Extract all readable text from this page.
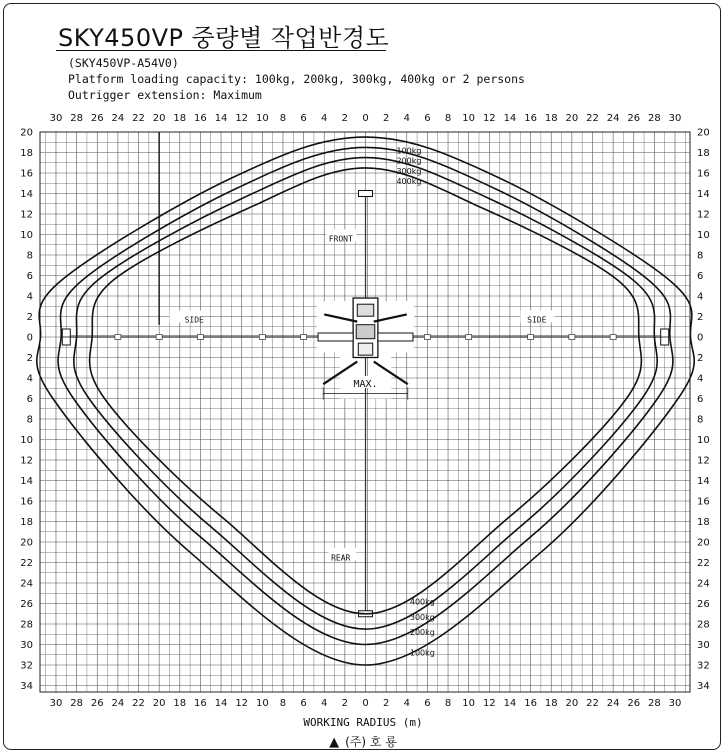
SKY450VP 중량별 작업반경도
(SKY450VP-A54V0)
Platform loading capacity: 100kg, 200kg, 300kg, 400kg or 2 persons
Outrigger extension: Maximum
30
30
28
28
26
26
24
24
22
22
20
20
18
18
16
16
14
14
12
12
10
10
8
8
6
6
4
4
2
2
0
0
2
2
4
4
6
6
8
8
10
10
12
12
14
14
16
16
18
18
20
20
22
22
24
24
26
26
28
28
30
30
20	20
18	18
16	16
14	14
12	12
10	10
8	8
6	6
4	4
2	2
0	0
2	2
4	4
6	6
8	8
10	10
12	12
14	14
16	16
18	18
20	20
22	22
24	24
26	26
28	28
30	30
32	32
34	34
100kg
100kg
200kg
200kg
300kg
300kg
400kg
400kg
FRONT
REAR
SIDE	SIDE
MAX.
WORKING RADIUS (m)
▲ (주) 호 룡
